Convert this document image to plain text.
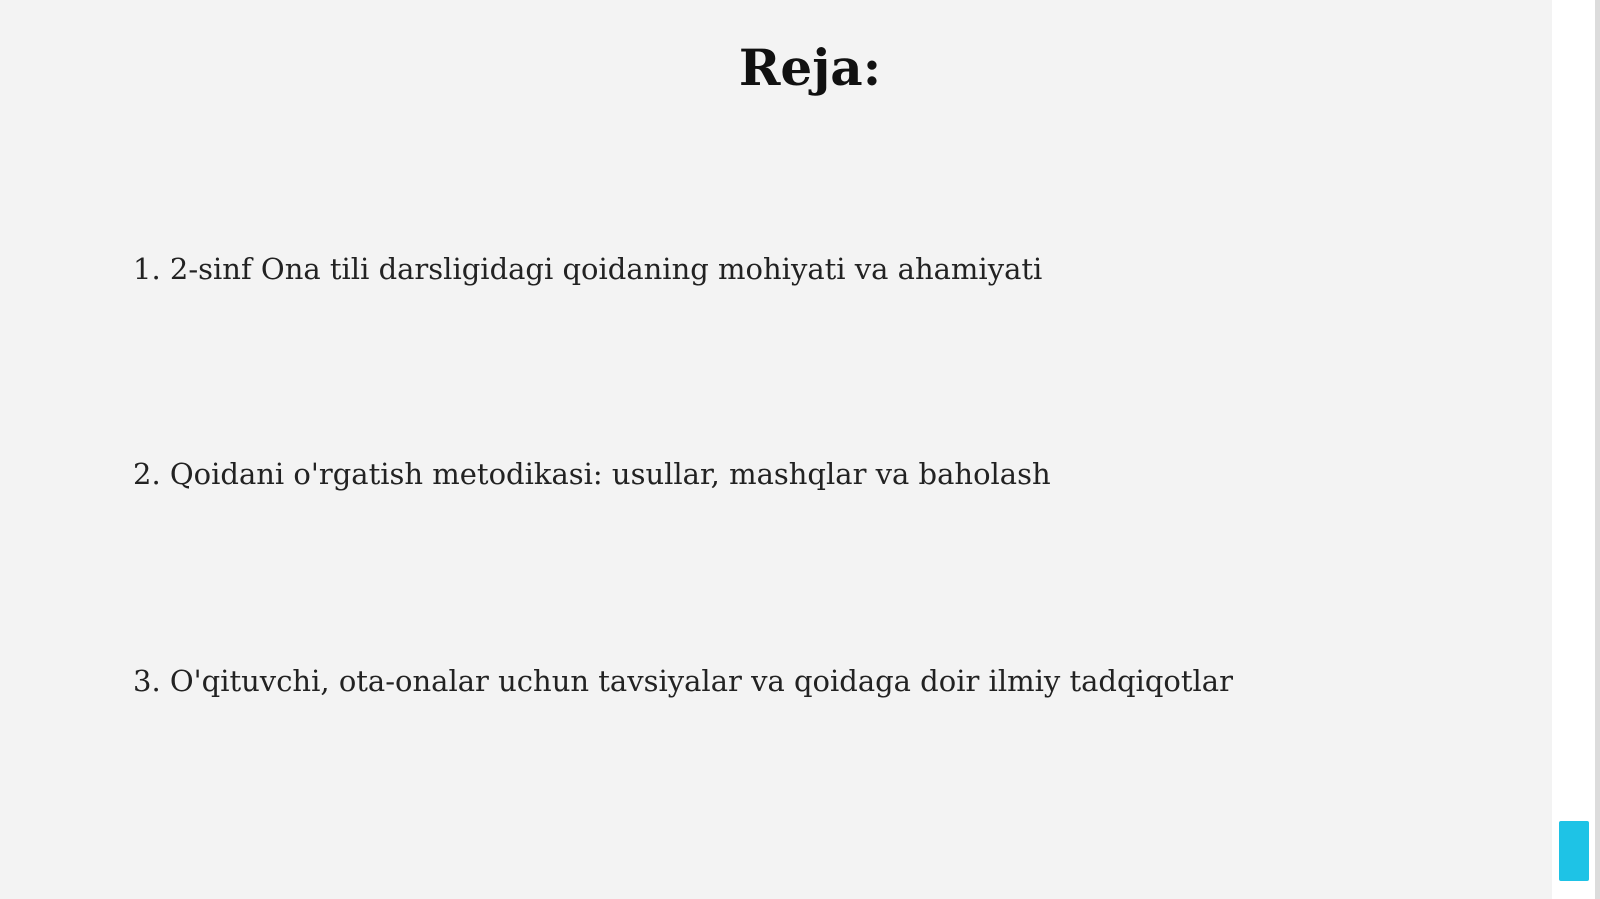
Reja:
1. 2-sinf Ona tili darsligidagi qoidaning mohiyati va ahamiyati
2. Qoidani o'rgatish metodikasi: usullar, mashqlar va baholash
3. O'qituvchi, ota-onalar uchun tavsiyalar va qoidaga doir ilmiy tadqiqotlar
